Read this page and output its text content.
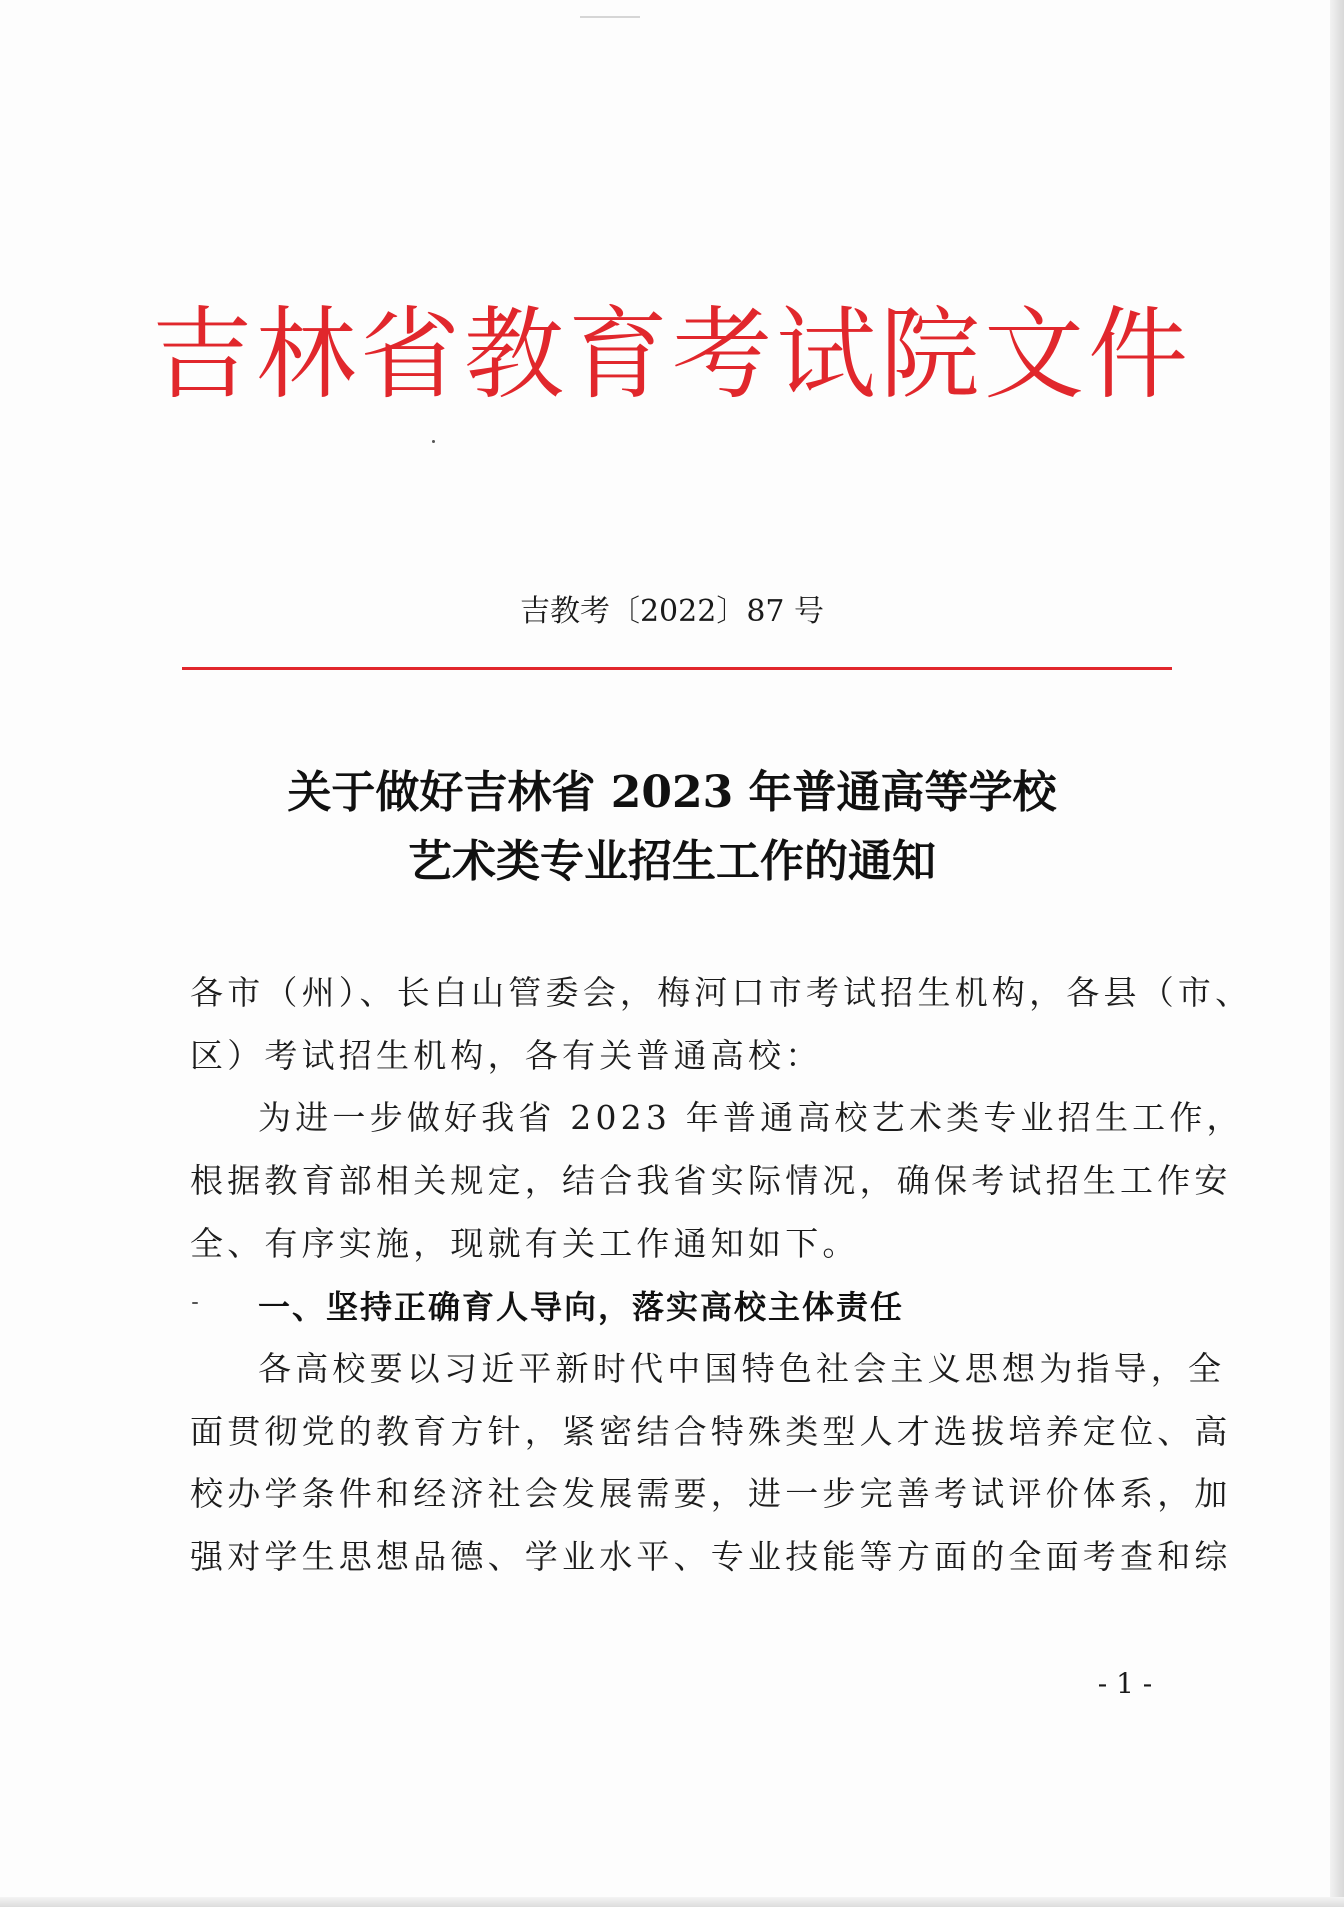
吉林省教育考试院文件
吉教考〔2022〕87 号
关于做好吉林省 2023 年普通高等学校
艺术类专业招生工作的通知
各市（州）、长白山管委会，梅河口市考试招生机构，各县（市、
区）考试招生机构，各有关普通高校：
为进一步做好我省 2023 年普通高校艺术类专业招生工作，
根据教育部相关规定，结合我省实际情况，确保考试招生工作安
全、有序实施，现就有关工作通知如下。
一、坚持正确育人导向，落实高校主体责任
各高校要以习近平新时代中国特色社会主义思想为指导，全
面贯彻党的教育方针，紧密结合特殊类型人才选拔培养定位、高
校办学条件和经济社会发展需要，进一步完善考试评价体系，加
强对学生思想品德、学业水平、专业技能等方面的全面考查和综
- 1 -
